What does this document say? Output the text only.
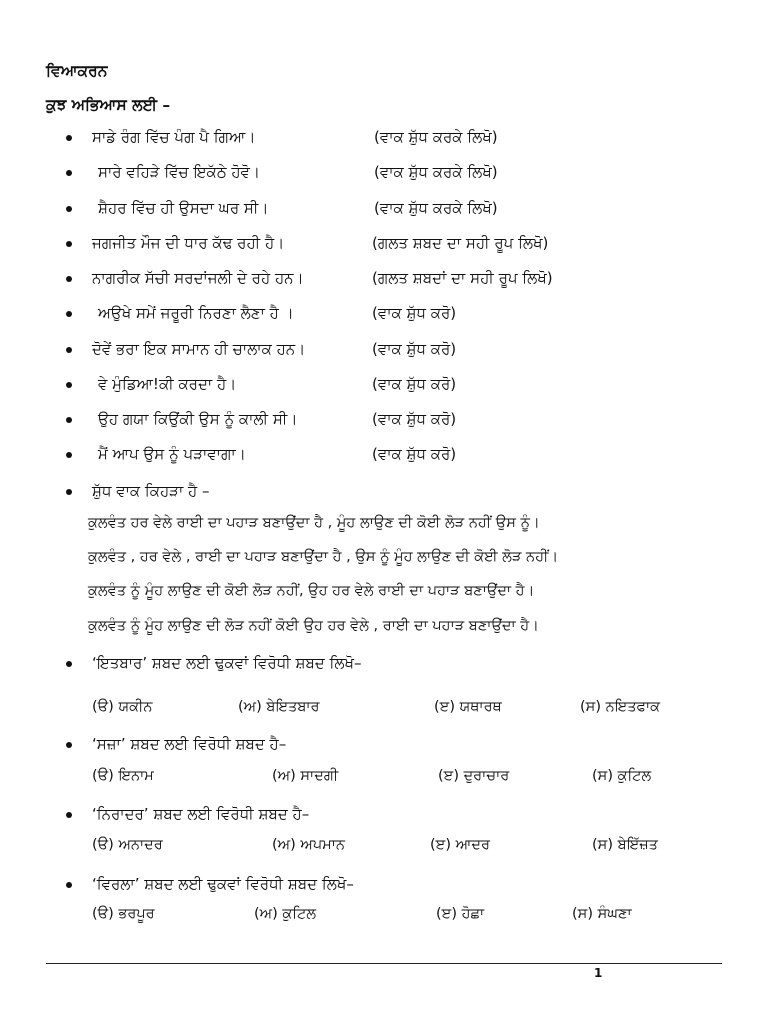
ਵਿਆਕਰਨ
ਕੁਝ ਅਭਿਆਸ ਲਈ –
ਸਾਡੇ ਰੰਗ ਵਿੱਚ ਪੰਗ ਪੈ ਗਿਆ।	(ਵਾਕ ਸ਼ੁੱਧ ਕਰਕੇ ਲਿਖੋ)
ਸਾਰੇ ਵਹਿੜੇ ਵਿੱਚ ਇਕੱਠੇ ਹੋਵੋ।	(ਵਾਕ ਸ਼ੁੱਧ ਕਰਕੇ ਲਿਖੋ)
ਸ਼ੈਹਰ ਵਿੱਚ ਹੀ ਉਸਦਾ ਘਰ ਸੀ।	(ਵਾਕ ਸ਼ੁੱਧ ਕਰਕੇ ਲਿਖੋ)
ਜਗਜੀਤ ਮੌਜ ਦੀ ਧਾਰ ਕੱਢ ਰਹੀ ਹੈ।	(ਗਲਤ ਸ਼ਬਦ ਦਾ ਸਹੀ ਰੂਪ ਲਿਖੋ)
ਨਾਗਰੀਕ ਸੱਚੀ ਸਰਦਾਂਜਲੀ ਦੇ ਰਹੇ ਹਨ।	(ਗਲਤ ਸ਼ਬਦਾਂ ਦਾ ਸਹੀ ਰੂਪ ਲਿਖੋ)
ਅਉਖੇ ਸਮੇਂ ਜਰੂਰੀ ਨਿਰਣਾ ਲੈਣਾ ਹੈ ।	(ਵਾਕ ਸ਼ੁੱਧ ਕਰੋ)
ਦੋਵੇਂ ਭਰਾ ਇਕ ਸਾਮਾਨ ਹੀ ਚਾਲਾਕ ਹਨ।	(ਵਾਕ ਸ਼ੁੱਧ ਕਰੋ)
ਵੇ ਮੁੰਡਿਆ!ਕੀ ਕਰਦਾ ਹੈ।	(ਵਾਕ ਸ਼ੁੱਧ ਕਰੋ)
ਉਹ ਗਯਾ ਕਿਉਂਕੀ ਉਸ ਨੂੰ ਕਾਲੀ ਸੀ।	(ਵਾਕ ਸ਼ੁੱਧ ਕਰੋ)
ਮੈਂ ਆਪ ਉਸ ਨੂੰ ਪੜਾਵਾਗਾ।	(ਵਾਕ ਸ਼ੁੱਧ ਕਰੋ)
ਸ਼ੁੱਧ ਵਾਕ ਕਿਹੜਾ ਹੈ –
ਕੁਲਵੰਤ ਹਰ ਵੇਲੇ ਰਾਈ ਦਾ ਪਹਾੜ ਬਣਾਉਂਦਾ ਹੈ , ਮੂੰਹ ਲਾਉਣ ਦੀ ਕੋਈ ਲੋੜ ਨਹੀਂ ਉਸ ਨੂੰ।
ਕੁਲਵੰਤ , ਹਰ ਵੇਲੇ , ਰਾਈ ਦਾ ਪਹਾੜ ਬਣਾਉਂਦਾ ਹੈ , ਉਸ ਨੂੰ ਮੂੰਹ ਲਾਉਣ ਦੀ ਕੋਈ ਲੋੜ ਨਹੀਂ।
ਕੁਲਵੰਤ ਨੂੰ ਮੂੰਹ ਲਾਉਣ ਦੀ ਕੋਈ ਲੋੜ ਨਹੀਂ, ਉਹ ਹਰ ਵੇਲੇ ਰਾਈ ਦਾ ਪਹਾੜ ਬਣਾਉਂਦਾ ਹੈ।
ਕੁਲਵੰਤ ਨੂੰ ਮੂੰਹ ਲਾਉਣ ਦੀ ਲੋੜ ਨਹੀਂ ਕੋਈ ਉਹ ਹਰ ਵੇਲੇ , ਰਾਈ ਦਾ ਪਹਾੜ ਬਣਾਉਂਦਾ ਹੈ।
‘ਇਤਬਾਰ’ ਸ਼ਬਦ ਲਈ ਢੁਕਵਾਂ ਵਿਰੋਧੀ ਸ਼ਬਦ ਲਿਖੋ–
(ੳ) ਯਕੀਨ	(ਅ) ਬੇਇਤਬਾਰ	(ੲ) ਯਥਾਰਥ	(ਸ) ਨਇਤਫਾਕ
‘ਸਜ਼ਾ’ ਸ਼ਬਦ ਲਈ ਵਿਰੋਧੀ ਸ਼ਬਦ ਹੈ–
(ੳ) ਇਨਾਮ	(ਅ) ਸਾਦਗੀ	(ੲ) ਦੁਰਾਚਾਰ	(ਸ) ਕੁਟਿਲ
‘ਨਿਰਾਦਰ’ ਸ਼ਬਦ ਲਈ ਵਿਰੋਧੀ ਸ਼ਬਦ ਹੈ–
(ੳ) ਅਨਾਦਰ	(ਅ) ਅਪਮਾਨ	(ੲ) ਆਦਰ	(ਸ) ਬੇਇੱਜ਼ਤ
‘ਵਿਰਲਾ’ ਸ਼ਬਦ ਲਈ ਢੁਕਵਾਂ ਵਿਰੋਧੀ ਸ਼ਬਦ ਲਿਖੋ–
(ੳ) ਭਰਪੂਰ	(ਅ) ਕੁਟਿਲ	(ੲ) ਹੋਛਾ	(ਸ) ਸੰਘਣਾ
1
